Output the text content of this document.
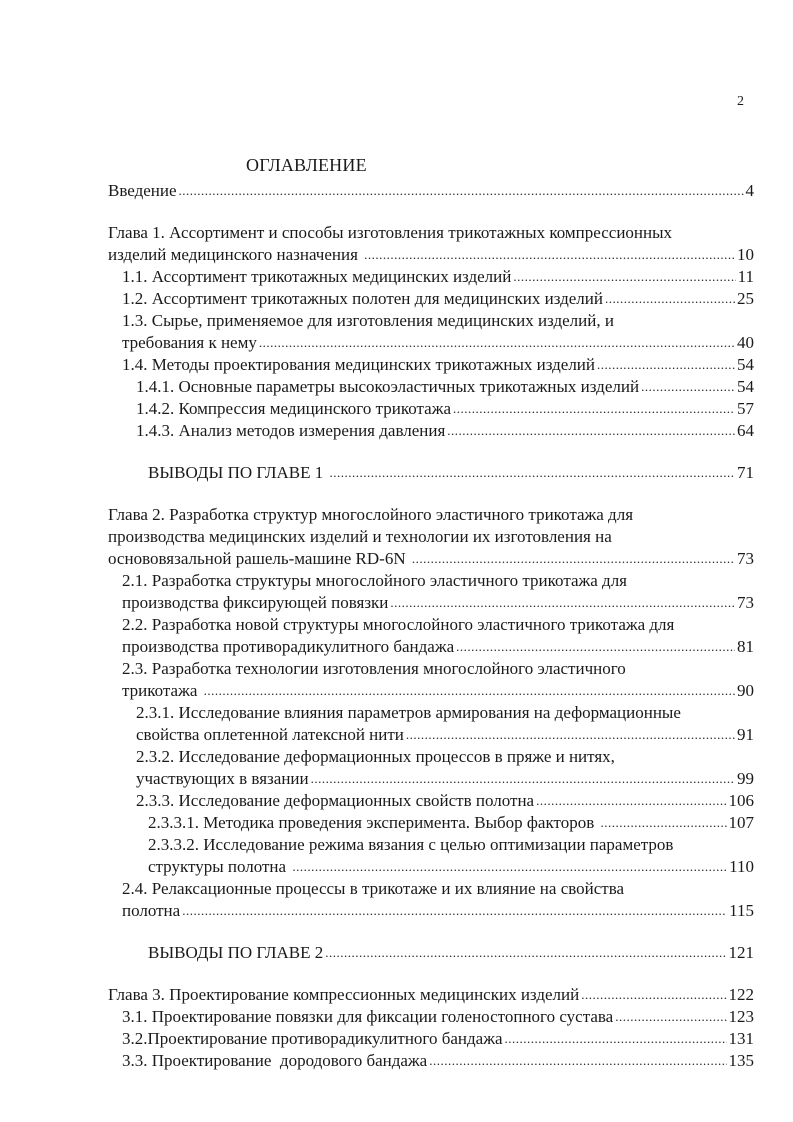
2
ОГЛАВЛЕНИЕ
Введение .....	4
Глава 1. Ассортимент и способы изготовления трикотажных компрессионных
изделий медицинского назначения .....	10
1.1. Ассортимент трикотажных медицинских изделий .....	11
1.2. Ассортимент трикотажных полотен для медицинских изделий .....	25
1.3. Сырье, применяемое для изготовления медицинских изделий, и
требования к нему .....	40
1.4. Методы проектирования медицинских трикотажных изделий .....	54
1.4.1. Основные параметры высокоэластичных трикотажных изделий .....	54
1.4.2. Компрессия медицинского трикотажа .....	57
1.4.3. Анализ методов измерения давления .....	64
ВЫВОДЫ ПО ГЛАВЕ 1 .....	71
Глава 2. Разработка структур многослойного эластичного трикотажа для
производства медицинских изделий и технологии их изготовления на
основовязальной рашель-машине RD-6N .....	73
2.1. Разработка структуры многослойного эластичного трикотажа для
производства фиксирующей повязки .....	73
2.2. Разработка новой структуры многослойного эластичного трикотажа для
производства противорадикулитного бандажа .....	81
2.3. Разработка технологии изготовления многослойного эластичного
трикотажа .....	90
2.3.1. Исследование влияния параметров армирования на деформационные
свойства оплетенной латексной нити .....	91
2.3.2. Исследование деформационных процессов в пряже и нитях,
участвующих в вязании .....	99
2.3.3. Исследование деформационных свойств полотна .....	106
2.3.3.1. Методика проведения эксперимента. Выбор факторов .....	107
2.3.3.2. Исследование режима вязания с целью оптимизации параметров
структуры полотна .....	110
2.4. Релаксационные процессы в трикотаже и их влияние на свойства
полотна .....	115
ВЫВОДЫ ПО ГЛАВЕ 2 .....	121
Глава 3. Проектирование компрессионных медицинских изделий .....	122
3.1. Проектирование повязки для фиксации голеностопного сустава .....	123
3.2.Проектирование противорадикулитного бандажа .....	131
3.3. Проектирование  дородового бандажа .....	135
